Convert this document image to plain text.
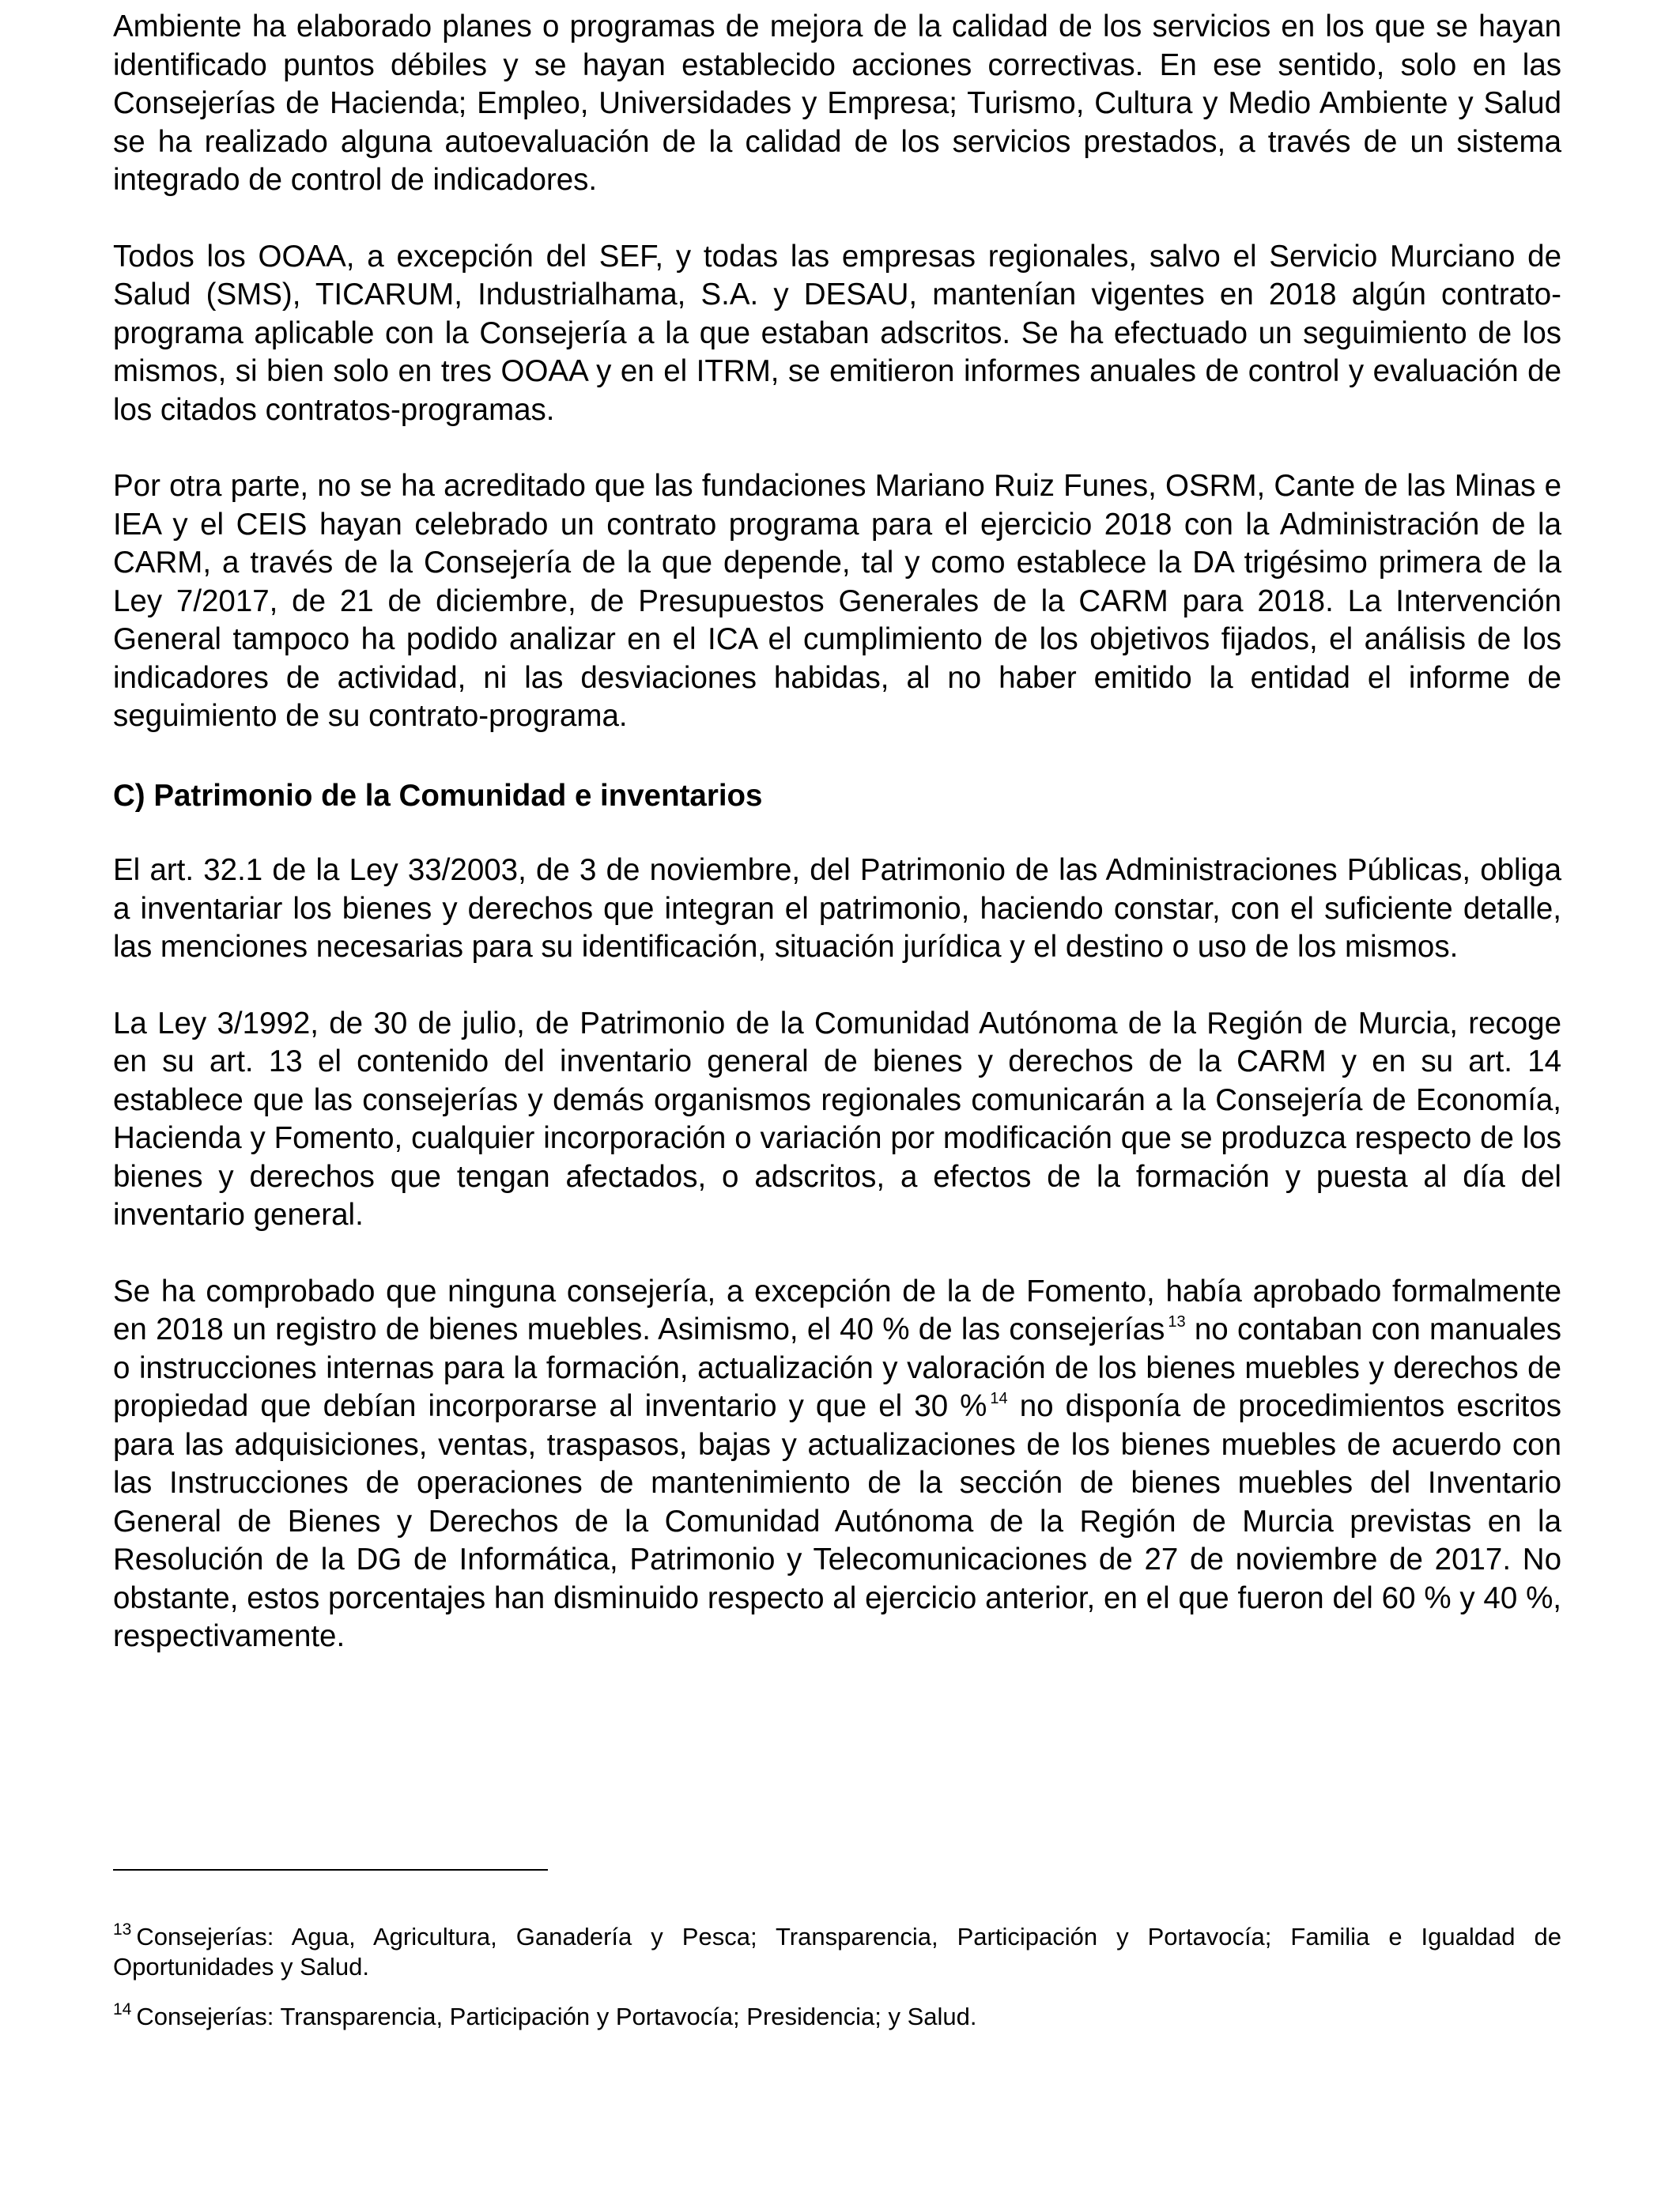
Ambiente ha elaborado planes o programas de mejora de la calidad de los servicios en los que se hayan identificado puntos débiles y se hayan establecido acciones correctivas. En ese sentido, solo en las Consejerías de Hacienda; Empleo, Universidades y Empresa; Turismo, Cultura y Medio Ambiente y Salud se ha realizado alguna autoevaluación de la calidad de los servicios prestados, a través de un sistema integrado de control de indicadores.

Todos los OOAA, a excepción del SEF, y todas las empresas regionales, salvo el Servicio Murciano de Salud (SMS), TICARUM, Industrialhama, S.A. y DESAU, mantenían vigentes en 2018 algún contrato-programa aplicable con la Consejería a la que estaban adscritos. Se ha efectuado un seguimiento de los mismos, si bien solo en tres OOAA y en el ITRM, se emitieron informes anuales de control y evaluación de los citados contratos-programas.

Por otra parte, no se ha acreditado que las fundaciones Mariano Ruiz Funes, OSRM, Cante de las Minas e IEA y el CEIS hayan celebrado un contrato programa para el ejercicio 2018 con la Administración de la CARM, a través de la Consejería de la que depende, tal y como establece la DA trigésimo primera de la Ley 7/2017, de 21 de diciembre, de Presupuestos Generales de la CARM para 2018. La Intervención General tampoco ha podido analizar en el ICA el cumplimiento de los objetivos fijados, el análisis de los indicadores de actividad, ni las desviaciones habidas, al no haber emitido la entidad el informe de seguimiento de su contrato-programa.

C) Patrimonio de la Comunidad e inventarios

El art. 32.1 de la Ley 33/2003, de 3 de noviembre, del Patrimonio de las Administraciones Públicas, obliga a inventariar los bienes y derechos que integran el patrimonio, haciendo constar, con el suficiente detalle, las menciones necesarias para su identificación, situación jurídica y el destino o uso de los mismos.

La Ley 3/1992, de 30 de julio, de Patrimonio de la Comunidad Autónoma de la Región de Murcia, recoge en su art. 13 el contenido del inventario general de bienes y derechos de la CARM y en su art. 14 establece que las consejerías y demás organismos regionales comunicarán a la Consejería de Economía, Hacienda y Fomento, cualquier incorporación o variación por modificación que se produzca respecto de los bienes y derechos que tengan afectados, o adscritos, a efectos de la formación y puesta al día del inventario general.

Se ha comprobado que ninguna consejería, a excepción de la de Fomento, había aprobado formalmente en 2018 un registro de bienes muebles. Asimismo, el 40 % de las consejerías $^{13}$ no contaban con manuales o instrucciones internas para la formación, actualización y valoración de los bienes muebles y derechos de propiedad que debían incorporarse al inventario y que el 30 % $^{14}$ no disponía de procedimientos escritos para las adquisiciones, ventas, traspasos, bajas y actualizaciones de los bienes muebles de acuerdo con las Instrucciones de operaciones de mantenimiento de la sección de bienes muebles del Inventario General de Bienes y Derechos de la Comunidad Autónoma de la Región de Murcia previstas en la Resolución de la DG de Informática, Patrimonio y Telecomunicaciones de 27 de noviembre de 2017. No obstante, estos porcentajes han disminuido respecto al ejercicio anterior, en el que fueron del 60 % y 40 %, respectivamente.

$^{13}$ Consejerías: Agua, Agricultura, Ganadería y Pesca; Transparencia, Participación y Portavocía; Familia e Igualdad de Oportunidades y Salud.

$^{14}$ Consejerías: Transparencia, Participación y Portavocía; Presidencia; y Salud.
